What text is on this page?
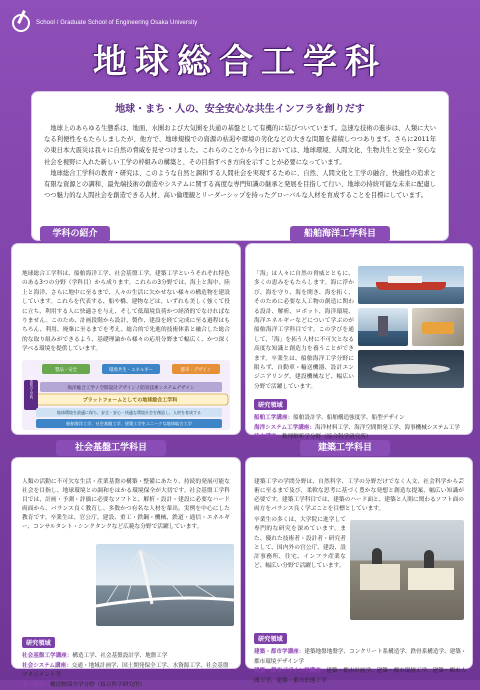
School / Graduate School of Engineering Osaka University
地球総合工学科
地球・まち・人の、安全安心な共生インフラを創りだす

地球上のあらゆる生態系は、地面、水圏および大気圏を共通の基盤として有機的に結びついています。急速な技術の進歩は、人類に大いなる利便性をもたらしましたが、他方で、地球規模での資源の枯渇や環境の劣化などの大きな問題を蓄積しつつあります。さらに2011年の東日本大震災は我々に自然の脅威を見せつけました。これらのことから今日においては、地球環境、人間文化、生物共生と安全・安心な社会を視野に入れた新しい工学の枠組みの構築と、その目指すべき方向を示すことが必要になっています。

地球総合工学科の教育・研究は、このような自然と調和する人間社会を実現するために、自然、人間文化と工学の融合、快適性の追求と有限な資源との調和、最先端技術の創造やシステムに関する高度な専門知識の継承と発展を目指して行い、地球の持続可能な未来に配慮しつつ魅力的な人間社会を創造できる人材、高い倫理観とリーダーシップを持ったグローバルな人材を育成することを目標にしています。

地球総合工学科は、船舶海洋工学、社会基盤工学、建築工学というそれぞれ特色のある3つの分野（学科目）から成ります。これらの3分野では、海上と海中、陸上と海洋、さらに地中に至るまで、人々の生活に欠かせない様々の構造物を建設しています。これらを代表する、船や橋、建物などは、いずれも美しく強くて役に立ち、利用する人に快適さを与え、そして低環境負荷かつ経済的でなければなりません。このため、計画段階から設計、製作、建設を経て完成に至る過程はもちろん、利用、廃棄に至るまでを考え、総合的で先進的技術体系と融合した総合的な取り組みができるよう、基礎理論から様々の応用分野まで幅広く、かつ深く学べる環境を提供しています。
製品・安全	環境共生・エネルギー	都市・デザイン
海洋総合工学 / 空間設計デザイン / 防災技術システムデザイン
プラットフォームとしての地球総合工学科
地球総合工学科
地球環境を最適に保ち、安全・安心・快適な環境社会を創造し、人材を育成する
船舶海洋工学、社会基盤工学、建築工学をユニークな地球総合工学
学科の紹介
「海」は人々に自然の脅威とともに、多くの恵みをもたらします。海に浮かび、海を守り、海を開き、海を拓く、そのために必要な人工物の創造に関わる設計、解析、ロボット、海洋環境、海洋エネルギーなどについて学ぶのが船舶海洋工学科目です。この学びを通して、「海」を拓う人材に不可欠となる高度な知識と創造力を養うことができます。卒業生は、船舶海洋工学分野に限らず、自動車・輸送機器、設計エンジニアリング、建設機械など、幅広い分野で活躍しています。
研究領域
船舶工学講座：船舶設計学、船舶構造強度学、船型デザイン
海洋システム工学講座：海洋材料工学、海洋空間開発工学、海事機械システム工学
協力講座：数理解析学分野（接合科学研究所）
船舶海洋工学科目
人類の活動に不可欠な生活・産業基盤の構築・整備にあたり、持続的発展可能な社会を目指し、地球環境との調和をはかる環境保全が大切です。社会基盤工学科目では、計画・予測・評価に必要なソフトと、解析・設計・建設に必要なハード両面から、バランス良く教育し、多数かつ有名な人材を輩出。実例を中心にした教育です。卒業生は、官公庁、建設、重工・鉄鋼・機械、鉄道・通信・エネルギー、コンサルタント・シンクタンクなど広範な分野で活躍しています。
研究領域
社会基盤工学講座：構造工学、社会基盤設計学、地盤工学
社会システム講座：交通・地域計画学、国土開発保全工学、水資源工学、社会基盤マネジメント学
協力講座：構造物保全学分野（接合科学研究所）
社会基盤工学科目
建築工学の学問分野は、自然科学、工学の分野だけでなく人文、社会科学から芸術に至るまで及び、柔軟な思考に基づく豊かな発想と創造な提案、幅広い知識が必要です。建築工学科目では、建築のハード面と、建築と人間に関わるソフト面の両方をバランス良く学ぶことを目標としています。
卒業生の多くは、大学院に進学して専門的な研究を深めています。また、優れた技術者・設計者・研究者として、国内外の官公庁、建設、設計事務所、住宅、インフラ産業など、幅広い分野で活躍しています。
研究領域
建築・都市学講座：建築地盤地盤学、コンクリート系構造学、鉄骨系構造学、建築・都市環境デザイン学
建築・都市デザイン学講座：建築・都市計画学、建築・都市環境工学、建築・都市人間工学、建築・都市形態工学
建築工学科目
